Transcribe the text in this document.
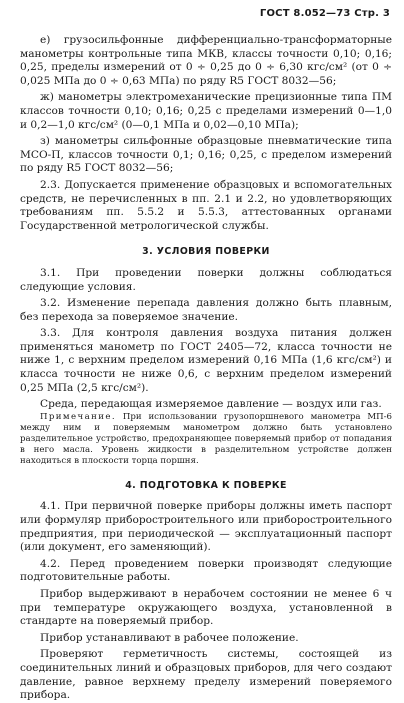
ГОСТ 8.052—73 Стр. 3

е) грузосильфонные дифференциально-трансформаторные манометры контрольные типа МКВ, классы точности 0,10; 0,16; 0,25, пределы измерений от 0 ÷ 0,25 до 0 ÷ 6,30 кгс/см² (от 0 ÷ 0,025 МПа до 0 ÷ 0,63 МПа) по ряду R5 ГОСТ 8032—56;

ж) манометры электромеханические прецизионные типа ПМ классов точности 0,10; 0,16; 0,25 с пределами измерений 0—1,0 и 0,2—1,0 кгс/см² (0—0,1 МПа и 0,02—0,10 МПа);

з) манометры сильфонные образцовые пневматические типа МСО-П, классов точности 0,1; 0,16; 0,25, с пределом измерений по ряду R5 ГОСТ 8032—56;

2.3. Допускается применение образцовых и вспомогательных средств, не перечисленных в пп. 2.1 и 2.2, но удовлетворяющих требованиям пп. 5.5.2 и 5.5.3, аттестованных органами Государственной метрологической службы.

3. УСЛОВИЯ ПОВЕРКИ

3.1. При проведении поверки должны соблюдаться следующие условия.

3.2. Изменение перепада давления должно быть плавным, без перехода за поверяемое значение.

3.3. Для контроля давления воздуха питания должен применяться манометр по ГОСТ 2405—72, класса точности не ниже 1, с верхним пределом измерений 0,16 МПа (1,6 кгс/см²) и класса точности не ниже 0,6, с верхним пределом измерений 0,25 МПа (2,5 кгс/см²).

Среда, передающая измеряемое давление — воздух или газ.

Примечание. При использовании грузопоршневого манометра МП-6 между ним и поверяемым манометром должно быть установлено разделительное устройство, предохраняющее поверяемый прибор от попадания в него масла. Уровень жидкости в разделительном устройстве должен находиться в плоскости торца поршня.

4. ПОДГОТОВКА К ПОВЕРКЕ

4.1. При первичной поверке приборы должны иметь паспорт или формуляр приборостроительного или приборостроительного предприятия, при периодической — эксплуатационный паспорт (или документ, его заменяющий).

4.2. Перед проведением поверки производят следующие подготовительные работы.

Прибор выдерживают в нерабочем состоянии не менее 6 ч при температуре окружающего воздуха, установленной в стандарте на поверяемый прибор.

Прибор устанавливают в рабочее положение.

Проверяют герметичность системы, состоящей из соединительных линий и образцовых приборов, для чего создают давление, равное верхнему пределу измерений поверяемого прибора.
